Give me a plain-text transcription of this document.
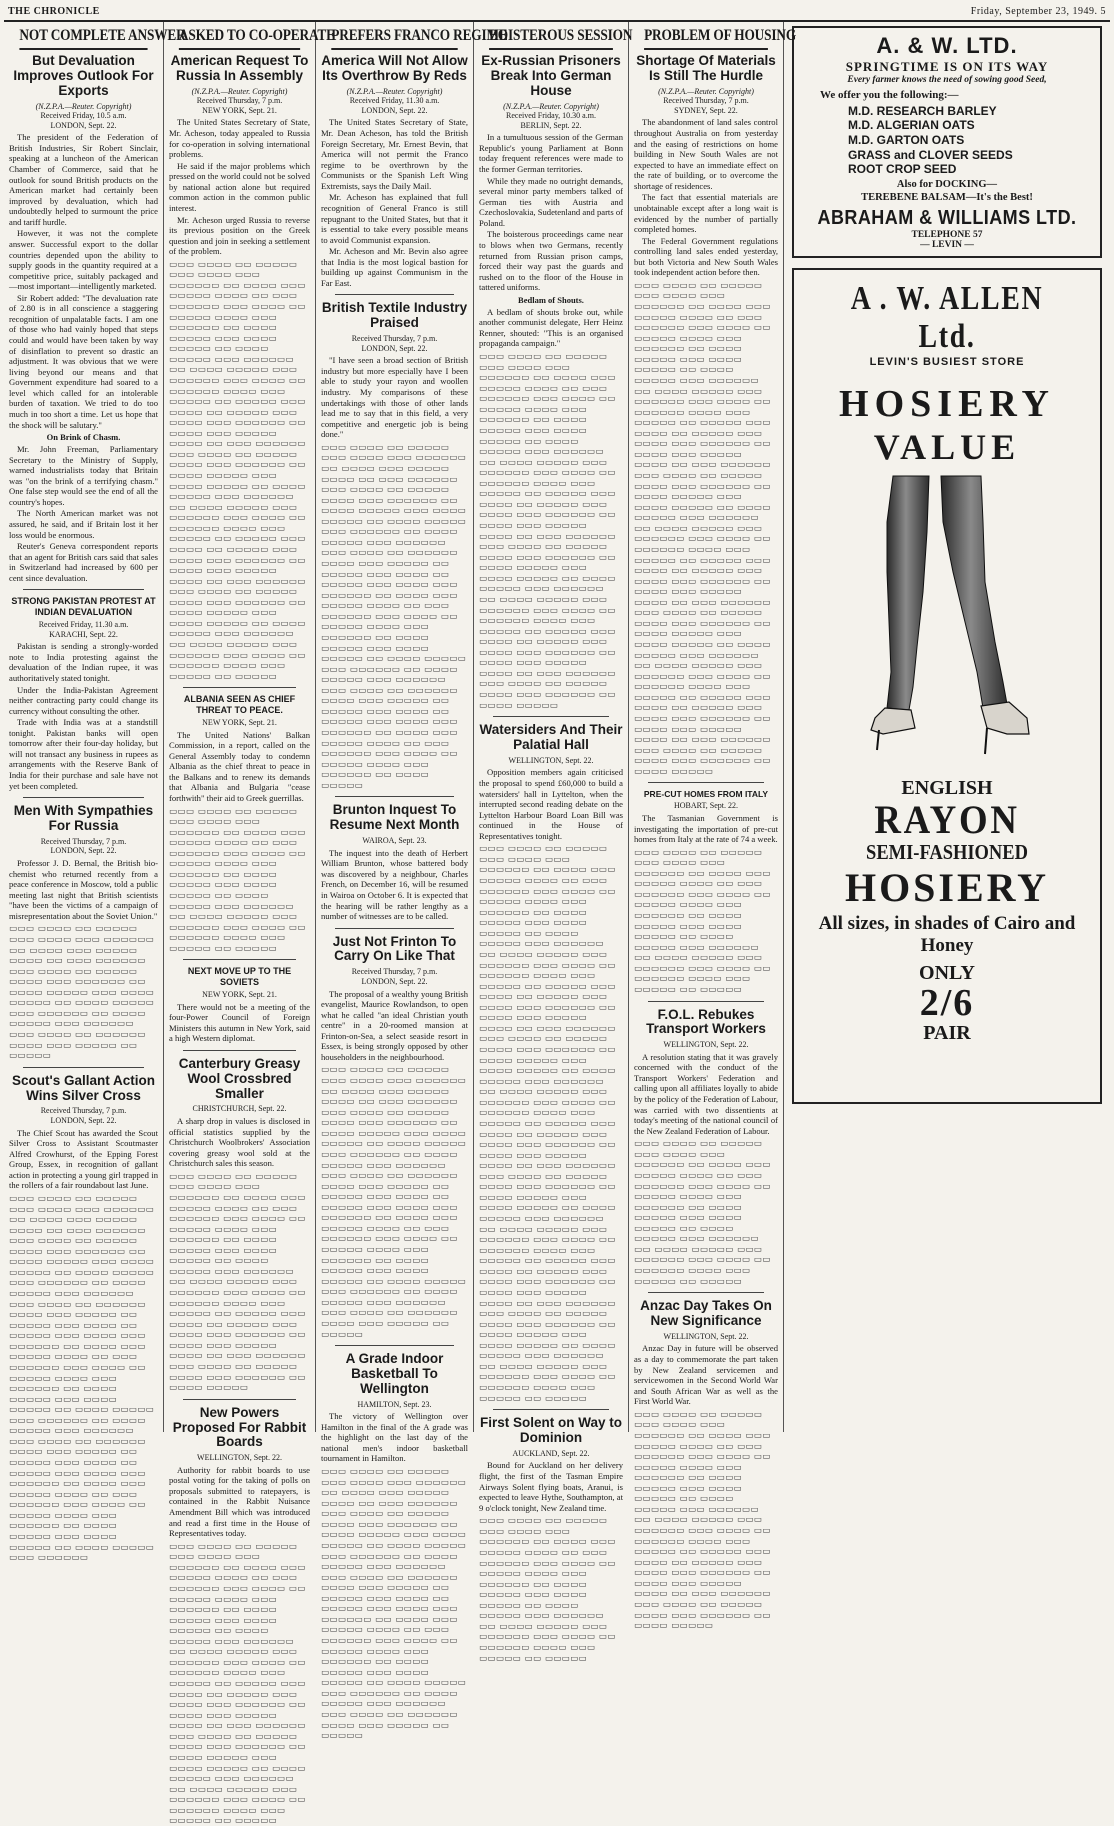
THE CHRONICLE	Friday, September 23, 1949. 5
NOT COMPLETE ANSWER
But Devaluation Improves Outlook For Exports
(N.Z.P.A.—Reuter. Copyright)
Received Friday, 10.5 a.m.
LONDON, Sept. 22.

The president of the Federation of British Industries, Sir Robert Sinclair, speaking at a luncheon of the American Chamber of Commerce, said that he outlook for sound British products on the American market had certainly been improved by devaluation, which had undoubtedly helped to surmount the price and tariff hurdle.

However, it was not the complete answer. Successful export to the dollar countries depended upon the ability to supply goods in the quantity required at a competitive price, suitably packaged and—most important—intelligently marketed.

Sir Robert added: "The devaluation rate of 2.80 is in all conscience a staggering recognition of unpalatable facts. I am one of those who had vainly hoped that steps could and would have been taken by way of disinflation to prevent so drastic an adjustment. It was obvious that we were living beyond our means and that Government expenditure had soared to a level which called for an intolerable burden of taxation. We tried to do too much in too short a time. Let us hope that the shock will be salutary."

On Brink of Chasm.

Mr. John Freeman, Parliamentary Secretary to the Ministry of Supply, warned industrialists today that Britain was "on the brink of a terrifying chasm." One false step would see the end of all the country's hopes.

The North American market was not assured, he said, and if Britain lost it her loss would be enormous.

Reuter's Geneva correspondent reports that an agent for British cars said that sales in Switzerland had increased by 600 per cent since devaluation.

STRONG PAKISTAN PROTEST AT INDIAN DEVALUATION
Received Friday, 11.30 a.m.
KARACHI, Sept. 22.

Pakistan is sending a strongly-worded note to India protesting against the devaluation of the Indian rupee, it was authoritatively stated tonight.

Under the India-Pakistan Agreement neither contracting party could change its currency without consulting the other.

Trade with India was at a standstill tonight. Pakistan banks will open tomorrow after their four-day holiday, but will not transact any business in rupees as arrangements with the Reserve Bank of India for their purchase and sale have not yet been completed.

Men With Sympathies For Russia
Received Thursday, 7 p.m.
LONDON, Sept. 22.

Professor J. D. Bernal, the British bio-chemist who returned recently from a peace conference in Moscow, told a public meeting last night that British scientists "have been the victims of a campaign of misrepresentation about the Soviet Union."

▭▭▭ ▭▭▭▭ ▭▭ ▭▭▭▭▭ ▭▭▭ ▭▭▭▭ ▭▭▭ ▭▭▭▭▭▭ ▭▭ ▭▭▭▭ ▭▭▭ ▭▭▭▭▭ ▭▭▭▭ ▭▭ ▭▭▭ ▭▭▭▭▭▭ ▭▭▭ ▭▭▭▭ ▭▭ ▭▭▭▭▭ ▭▭▭▭ ▭▭▭ ▭▭▭▭▭▭ ▭▭ ▭▭▭▭ ▭▭▭▭▭ ▭▭▭ ▭▭▭▭ ▭▭▭▭▭ ▭▭ ▭▭▭▭ ▭▭▭▭▭ ▭▭▭ ▭▭▭▭▭▭ ▭▭ ▭▭▭▭ ▭▭▭▭▭ ▭▭▭ ▭▭▭▭▭▭ ▭▭▭ ▭▭▭▭ ▭▭ ▭▭▭▭▭▭ ▭▭▭▭ ▭▭▭ ▭▭▭▭▭ ▭▭ ▭▭▭▭▭
Scout's Gallant Action Wins Silver Cross
Received Thursday, 7 p.m.
LONDON, Sept. 22.

The Chief Scout has awarded the Scout Silver Cross to Assistant Scoutmaster Alfred Crowhurst, of the Epping Forest Group, Essex, in recognition of gallant action in protecting a young girl trapped in the rollers of a fair roundabout last June.

▭▭▭ ▭▭▭▭ ▭▭ ▭▭▭▭▭ ▭▭▭ ▭▭▭▭ ▭▭▭ ▭▭▭▭▭▭ ▭▭ ▭▭▭▭ ▭▭▭ ▭▭▭▭▭ ▭▭▭▭ ▭▭ ▭▭▭ ▭▭▭▭▭▭ ▭▭▭ ▭▭▭▭ ▭▭ ▭▭▭▭▭ ▭▭▭▭ ▭▭▭ ▭▭▭▭▭▭ ▭▭ ▭▭▭▭ ▭▭▭▭▭ ▭▭▭ ▭▭▭▭ ▭▭▭▭▭ ▭▭ ▭▭▭▭ ▭▭▭▭▭ ▭▭▭ ▭▭▭▭▭▭ ▭▭ ▭▭▭▭ ▭▭▭▭▭ ▭▭▭ ▭▭▭▭▭▭ ▭▭▭ ▭▭▭▭ ▭▭ ▭▭▭▭▭▭ ▭▭▭▭ ▭▭▭ ▭▭▭▭▭ ▭▭ ▭▭▭▭▭ ▭▭▭ ▭▭▭▭ ▭▭ ▭▭▭▭▭ ▭▭▭ ▭▭▭▭ ▭▭▭ ▭▭▭▭▭▭ ▭▭ ▭▭▭▭ ▭▭▭ ▭▭▭▭▭ ▭▭▭▭ ▭▭ ▭▭▭ ▭▭▭▭▭▭ ▭▭▭ ▭▭▭▭ ▭▭ ▭▭▭▭▭ ▭▭▭▭ ▭▭▭ ▭▭▭▭▭▭ ▭▭ ▭▭▭▭ ▭▭▭▭▭ ▭▭▭ ▭▭▭▭ ▭▭▭▭▭ ▭▭ ▭▭▭▭ ▭▭▭▭▭ ▭▭▭ ▭▭▭▭▭▭ ▭▭ ▭▭▭▭ ▭▭▭▭▭ ▭▭▭ ▭▭▭▭▭▭ ▭▭▭ ▭▭▭▭ ▭▭ ▭▭▭▭▭▭ ▭▭▭▭ ▭▭▭ ▭▭▭▭▭ ▭▭ ▭▭▭▭▭ ▭▭▭ ▭▭▭▭ ▭▭ ▭▭▭▭▭ ▭▭▭ ▭▭▭▭ ▭▭▭ ▭▭▭▭▭▭ ▭▭ ▭▭▭▭ ▭▭▭ ▭▭▭▭▭ ▭▭▭▭ ▭▭ ▭▭▭ ▭▭▭▭▭▭ ▭▭▭ ▭▭▭▭ ▭▭ ▭▭▭▭▭ ▭▭▭▭ ▭▭▭ ▭▭▭▭▭▭ ▭▭ ▭▭▭▭ ▭▭▭▭▭ ▭▭▭ ▭▭▭▭ ▭▭▭▭▭ ▭▭ ▭▭▭▭ ▭▭▭▭▭ ▭▭▭ ▭▭▭▭▭▭
ASKED TO CO-OPERATE
American Request To Russia In Assembly
(N.Z.P.A.—Reuter. Copyright)
Received Thursday, 7 p.m.
NEW YORK, Sept. 21.

The United States Secretary of State, Mr. Acheson, today appealed to Russia for co-operation in solving international problems.

He said if the major problems which pressed on the world could not be solved by national action alone but required common action in the common public interest.

Mr. Acheson urged Russia to reverse its previous position on the Greek question and join in seeking a settlement of the problem.

▭▭▭ ▭▭▭▭ ▭▭ ▭▭▭▭▭ ▭▭▭ ▭▭▭▭ ▭▭▭ ▭▭▭▭▭▭ ▭▭ ▭▭▭▭ ▭▭▭ ▭▭▭▭▭ ▭▭▭▭ ▭▭ ▭▭▭ ▭▭▭▭▭▭ ▭▭▭ ▭▭▭▭ ▭▭ ▭▭▭▭▭ ▭▭▭▭ ▭▭▭ ▭▭▭▭▭▭ ▭▭ ▭▭▭▭ ▭▭▭▭▭ ▭▭▭ ▭▭▭▭ ▭▭▭▭▭ ▭▭ ▭▭▭▭ ▭▭▭▭▭ ▭▭▭ ▭▭▭▭▭▭ ▭▭ ▭▭▭▭ ▭▭▭▭▭ ▭▭▭ ▭▭▭▭▭▭ ▭▭▭ ▭▭▭▭ ▭▭ ▭▭▭▭▭▭ ▭▭▭▭ ▭▭▭ ▭▭▭▭▭ ▭▭ ▭▭▭▭▭ ▭▭▭ ▭▭▭▭ ▭▭ ▭▭▭▭▭ ▭▭▭ ▭▭▭▭ ▭▭▭ ▭▭▭▭▭▭ ▭▭ ▭▭▭▭ ▭▭▭ ▭▭▭▭▭ ▭▭▭▭ ▭▭ ▭▭▭ ▭▭▭▭▭▭ ▭▭▭ ▭▭▭▭ ▭▭ ▭▭▭▭▭ ▭▭▭▭ ▭▭▭ ▭▭▭▭▭▭ ▭▭ ▭▭▭▭ ▭▭▭▭▭ ▭▭▭ ▭▭▭▭ ▭▭▭▭▭ ▭▭ ▭▭▭▭ ▭▭▭▭▭ ▭▭▭ ▭▭▭▭▭▭ ▭▭ ▭▭▭▭ ▭▭▭▭▭ ▭▭▭ ▭▭▭▭▭▭ ▭▭▭ ▭▭▭▭ ▭▭ ▭▭▭▭▭▭ ▭▭▭▭ ▭▭▭ ▭▭▭▭▭ ▭▭ ▭▭▭▭▭ ▭▭▭ ▭▭▭▭ ▭▭ ▭▭▭▭▭ ▭▭▭ ▭▭▭▭ ▭▭▭ ▭▭▭▭▭▭ ▭▭ ▭▭▭▭ ▭▭▭ ▭▭▭▭▭ ▭▭▭▭ ▭▭ ▭▭▭ ▭▭▭▭▭▭ ▭▭▭ ▭▭▭▭ ▭▭ ▭▭▭▭▭ ▭▭▭▭ ▭▭▭ ▭▭▭▭▭▭ ▭▭ ▭▭▭▭ ▭▭▭▭▭ ▭▭▭ ▭▭▭▭ ▭▭▭▭▭ ▭▭ ▭▭▭▭ ▭▭▭▭▭ ▭▭▭ ▭▭▭▭▭▭ ▭▭ ▭▭▭▭ ▭▭▭▭▭ ▭▭▭ ▭▭▭▭▭▭ ▭▭▭ ▭▭▭▭ ▭▭ ▭▭▭▭▭▭ ▭▭▭▭ ▭▭▭ ▭▭▭▭▭ ▭▭ ▭▭▭▭▭
ALBANIA SEEN AS CHIEF THREAT TO PEACE.
NEW YORK, Sept. 21.

The United Nations' Balkan Commission, in a report, called on the General Assembly today to condemn Albania as the chief threat to peace in the Balkans and to renew its demands that Albania and Bulgaria "cease forthwith" their aid to Greek guerrillas.

▭▭▭ ▭▭▭▭ ▭▭ ▭▭▭▭▭ ▭▭▭ ▭▭▭▭ ▭▭▭ ▭▭▭▭▭▭ ▭▭ ▭▭▭▭ ▭▭▭ ▭▭▭▭▭ ▭▭▭▭ ▭▭ ▭▭▭ ▭▭▭▭▭▭ ▭▭▭ ▭▭▭▭ ▭▭ ▭▭▭▭▭ ▭▭▭▭ ▭▭▭ ▭▭▭▭▭▭ ▭▭ ▭▭▭▭ ▭▭▭▭▭ ▭▭▭ ▭▭▭▭ ▭▭▭▭▭ ▭▭ ▭▭▭▭ ▭▭▭▭▭ ▭▭▭ ▭▭▭▭▭▭ ▭▭ ▭▭▭▭ ▭▭▭▭▭ ▭▭▭ ▭▭▭▭▭▭ ▭▭▭ ▭▭▭▭ ▭▭ ▭▭▭▭▭▭ ▭▭▭▭ ▭▭▭ ▭▭▭▭▭ ▭▭ ▭▭▭▭▭
NEXT MOVE UP TO THE SOVIETS
NEW YORK, Sept. 21.

There would not be a meeting of the four-Power Council of Foreign Ministers this autumn in New York, said a high Western diplomat.

Canterbury Greasy Wool Crossbred Smaller
CHRISTCHURCH, Sept. 22.

A sharp drop in values is disclosed in official statistics supplied by the Christchurch Woolbrokers' Association covering greasy wool sold at the Christchurch sales this season.

▭▭▭ ▭▭▭▭ ▭▭ ▭▭▭▭▭ ▭▭▭ ▭▭▭▭ ▭▭▭ ▭▭▭▭▭▭ ▭▭ ▭▭▭▭ ▭▭▭ ▭▭▭▭▭ ▭▭▭▭ ▭▭ ▭▭▭ ▭▭▭▭▭▭ ▭▭▭ ▭▭▭▭ ▭▭ ▭▭▭▭▭ ▭▭▭▭ ▭▭▭ ▭▭▭▭▭▭ ▭▭ ▭▭▭▭ ▭▭▭▭▭ ▭▭▭ ▭▭▭▭ ▭▭▭▭▭ ▭▭ ▭▭▭▭ ▭▭▭▭▭ ▭▭▭ ▭▭▭▭▭▭ ▭▭ ▭▭▭▭ ▭▭▭▭▭ ▭▭▭ ▭▭▭▭▭▭ ▭▭▭ ▭▭▭▭ ▭▭ ▭▭▭▭▭▭ ▭▭▭▭ ▭▭▭ ▭▭▭▭▭ ▭▭ ▭▭▭▭▭ ▭▭▭ ▭▭▭▭ ▭▭ ▭▭▭▭▭ ▭▭▭ ▭▭▭▭ ▭▭▭ ▭▭▭▭▭▭ ▭▭ ▭▭▭▭ ▭▭▭ ▭▭▭▭▭ ▭▭▭▭ ▭▭ ▭▭▭ ▭▭▭▭▭▭ ▭▭▭ ▭▭▭▭ ▭▭ ▭▭▭▭▭ ▭▭▭▭ ▭▭▭ ▭▭▭▭▭▭ ▭▭ ▭▭▭▭ ▭▭▭▭▭
New Powers Proposed For Rabbit Boards
WELLINGTON, Sept. 22.

Authority for rabbit boards to use postal voting for the taking of polls on proposals submitted to ratepayers, is contained in the Rabbit Nuisance Amendment Bill which was introduced and read a first time in the House of Representatives today.

▭▭▭ ▭▭▭▭ ▭▭ ▭▭▭▭▭ ▭▭▭ ▭▭▭▭ ▭▭▭ ▭▭▭▭▭▭ ▭▭ ▭▭▭▭ ▭▭▭ ▭▭▭▭▭ ▭▭▭▭ ▭▭ ▭▭▭ ▭▭▭▭▭▭ ▭▭▭ ▭▭▭▭ ▭▭ ▭▭▭▭▭ ▭▭▭▭ ▭▭▭ ▭▭▭▭▭▭ ▭▭ ▭▭▭▭ ▭▭▭▭▭ ▭▭▭ ▭▭▭▭ ▭▭▭▭▭ ▭▭ ▭▭▭▭ ▭▭▭▭▭ ▭▭▭ ▭▭▭▭▭▭ ▭▭ ▭▭▭▭ ▭▭▭▭▭ ▭▭▭ ▭▭▭▭▭▭ ▭▭▭ ▭▭▭▭ ▭▭ ▭▭▭▭▭▭ ▭▭▭▭ ▭▭▭ ▭▭▭▭▭ ▭▭ ▭▭▭▭▭ ▭▭▭ ▭▭▭▭ ▭▭ ▭▭▭▭▭ ▭▭▭ ▭▭▭▭ ▭▭▭ ▭▭▭▭▭▭ ▭▭ ▭▭▭▭ ▭▭▭ ▭▭▭▭▭ ▭▭▭▭ ▭▭ ▭▭▭ ▭▭▭▭▭▭ ▭▭▭ ▭▭▭▭ ▭▭ ▭▭▭▭▭ ▭▭▭▭ ▭▭▭ ▭▭▭▭▭▭ ▭▭ ▭▭▭▭ ▭▭▭▭▭ ▭▭▭ ▭▭▭▭ ▭▭▭▭▭ ▭▭ ▭▭▭▭ ▭▭▭▭▭ ▭▭▭ ▭▭▭▭▭▭ ▭▭ ▭▭▭▭ ▭▭▭▭▭ ▭▭▭ ▭▭▭▭▭▭ ▭▭▭ ▭▭▭▭ ▭▭ ▭▭▭▭▭▭ ▭▭▭▭ ▭▭▭ ▭▭▭▭▭ ▭▭ ▭▭▭▭▭
PREFERS FRANCO REGIME
America Will Not Allow Its Overthrow By Reds
(N.Z.P.A.—Reuter. Copyright)
Received Friday, 11.30 a.m.
LONDON, Sept. 22.

The United States Secretary of State, Mr. Dean Acheson, has told the British Foreign Secretary, Mr. Ernest Bevin, that America will not permit the Franco regime to be overthrown by the Communists or the Spanish Left Wing Extremists, says the Daily Mail.

Mr. Acheson has explained that full recognition of General Franco is still repugnant to the United States, but that it is essential to take every possible means to avoid Communist expansion.

Mr. Acheson and Mr. Bevin also agree that India is the most logical bastion for building up against Communism in the Far East.

British Textile Industry Praised
Received Thursday, 7 p.m.
LONDON, Sept. 22.

"I have seen a broad section of British industry but more especially have I been able to study your rayon and woollen industry. My comparisons of these undertakings with those of other lands lead me to say that in this field, a very competitive and energetic job is being done."

▭▭▭ ▭▭▭▭ ▭▭ ▭▭▭▭▭ ▭▭▭ ▭▭▭▭ ▭▭▭ ▭▭▭▭▭▭ ▭▭ ▭▭▭▭ ▭▭▭ ▭▭▭▭▭ ▭▭▭▭ ▭▭ ▭▭▭ ▭▭▭▭▭▭ ▭▭▭ ▭▭▭▭ ▭▭ ▭▭▭▭▭ ▭▭▭▭ ▭▭▭ ▭▭▭▭▭▭ ▭▭ ▭▭▭▭ ▭▭▭▭▭ ▭▭▭ ▭▭▭▭ ▭▭▭▭▭ ▭▭ ▭▭▭▭ ▭▭▭▭▭ ▭▭▭ ▭▭▭▭▭▭ ▭▭ ▭▭▭▭ ▭▭▭▭▭ ▭▭▭ ▭▭▭▭▭▭ ▭▭▭ ▭▭▭▭ ▭▭ ▭▭▭▭▭▭ ▭▭▭▭ ▭▭▭ ▭▭▭▭▭ ▭▭ ▭▭▭▭▭ ▭▭▭ ▭▭▭▭ ▭▭ ▭▭▭▭▭ ▭▭▭ ▭▭▭▭ ▭▭▭ ▭▭▭▭▭▭ ▭▭ ▭▭▭▭ ▭▭▭ ▭▭▭▭▭ ▭▭▭▭ ▭▭ ▭▭▭ ▭▭▭▭▭▭ ▭▭▭ ▭▭▭▭ ▭▭ ▭▭▭▭▭ ▭▭▭▭ ▭▭▭ ▭▭▭▭▭▭ ▭▭ ▭▭▭▭ ▭▭▭▭▭ ▭▭▭ ▭▭▭▭ ▭▭▭▭▭ ▭▭ ▭▭▭▭ ▭▭▭▭▭ ▭▭▭ ▭▭▭▭▭▭ ▭▭ ▭▭▭▭ ▭▭▭▭▭ ▭▭▭ ▭▭▭▭▭▭ ▭▭▭ ▭▭▭▭ ▭▭ ▭▭▭▭▭▭ ▭▭▭▭ ▭▭▭ ▭▭▭▭▭ ▭▭ ▭▭▭▭▭ ▭▭▭ ▭▭▭▭ ▭▭ ▭▭▭▭▭ ▭▭▭ ▭▭▭▭ ▭▭▭ ▭▭▭▭▭▭ ▭▭ ▭▭▭▭ ▭▭▭ ▭▭▭▭▭ ▭▭▭▭ ▭▭ ▭▭▭ ▭▭▭▭▭▭ ▭▭▭ ▭▭▭▭ ▭▭ ▭▭▭▭▭ ▭▭▭▭ ▭▭▭ ▭▭▭▭▭▭ ▭▭ ▭▭▭▭ ▭▭▭▭▭
Brunton Inquest To Resume Next Month
WAIROA, Sept. 23.

The inquest into the death of Herbert William Brunton, whose battered body was discovered by a neighbour, Charles French, on December 16, will be resumed in Wairoa on October 6. It is expected that the hearing will be rather lengthy as a number of witnesses are to be called.

Just Not Frinton To Carry On Like That
Received Thursday, 7 p.m.
LONDON, Sept. 22.

The proposal of a wealthy young British evangelist, Maurice Rowlandson, to open what he called "an ideal Christian youth centre" in a 20-roomed mansion at Frinton-on-Sea, a select seaside resort in Essex, is being strongly opposed by other householders in the neighbourhood.

▭▭▭ ▭▭▭▭ ▭▭ ▭▭▭▭▭ ▭▭▭ ▭▭▭▭ ▭▭▭ ▭▭▭▭▭▭ ▭▭ ▭▭▭▭ ▭▭▭ ▭▭▭▭▭ ▭▭▭▭ ▭▭ ▭▭▭ ▭▭▭▭▭▭ ▭▭▭ ▭▭▭▭ ▭▭ ▭▭▭▭▭ ▭▭▭▭ ▭▭▭ ▭▭▭▭▭▭ ▭▭ ▭▭▭▭ ▭▭▭▭▭ ▭▭▭ ▭▭▭▭ ▭▭▭▭▭ ▭▭ ▭▭▭▭ ▭▭▭▭▭ ▭▭▭ ▭▭▭▭▭▭ ▭▭ ▭▭▭▭ ▭▭▭▭▭ ▭▭▭ ▭▭▭▭▭▭ ▭▭▭ ▭▭▭▭ ▭▭ ▭▭▭▭▭▭ ▭▭▭▭ ▭▭▭ ▭▭▭▭▭ ▭▭ ▭▭▭▭▭ ▭▭▭ ▭▭▭▭ ▭▭ ▭▭▭▭▭ ▭▭▭ ▭▭▭▭ ▭▭▭ ▭▭▭▭▭▭ ▭▭ ▭▭▭▭ ▭▭▭ ▭▭▭▭▭ ▭▭▭▭ ▭▭ ▭▭▭ ▭▭▭▭▭▭ ▭▭▭ ▭▭▭▭ ▭▭ ▭▭▭▭▭ ▭▭▭▭ ▭▭▭ ▭▭▭▭▭▭ ▭▭ ▭▭▭▭ ▭▭▭▭▭ ▭▭▭ ▭▭▭▭ ▭▭▭▭▭ ▭▭ ▭▭▭▭ ▭▭▭▭▭ ▭▭▭ ▭▭▭▭▭▭ ▭▭ ▭▭▭▭ ▭▭▭▭▭ ▭▭▭ ▭▭▭▭▭▭ ▭▭▭ ▭▭▭▭ ▭▭ ▭▭▭▭▭▭ ▭▭▭▭ ▭▭▭ ▭▭▭▭▭ ▭▭ ▭▭▭▭▭
A Grade Indoor Basketball To Wellington
HAMILTON, Sept. 23.

The victory of Wellington over Hamilton in the final of the A grade was the highlight on the last day of the national men's indoor basketball tournament in Hamilton.

▭▭▭ ▭▭▭▭ ▭▭ ▭▭▭▭▭ ▭▭▭ ▭▭▭▭ ▭▭▭ ▭▭▭▭▭▭ ▭▭ ▭▭▭▭ ▭▭▭ ▭▭▭▭▭ ▭▭▭▭ ▭▭ ▭▭▭ ▭▭▭▭▭▭ ▭▭▭ ▭▭▭▭ ▭▭ ▭▭▭▭▭ ▭▭▭▭ ▭▭▭ ▭▭▭▭▭▭ ▭▭ ▭▭▭▭ ▭▭▭▭▭ ▭▭▭ ▭▭▭▭ ▭▭▭▭▭ ▭▭ ▭▭▭▭ ▭▭▭▭▭ ▭▭▭ ▭▭▭▭▭▭ ▭▭ ▭▭▭▭ ▭▭▭▭▭ ▭▭▭ ▭▭▭▭▭▭ ▭▭▭ ▭▭▭▭ ▭▭ ▭▭▭▭▭▭ ▭▭▭▭ ▭▭▭ ▭▭▭▭▭ ▭▭ ▭▭▭▭▭ ▭▭▭ ▭▭▭▭ ▭▭ ▭▭▭▭▭ ▭▭▭ ▭▭▭▭ ▭▭▭ ▭▭▭▭▭▭ ▭▭ ▭▭▭▭ ▭▭▭ ▭▭▭▭▭ ▭▭▭▭ ▭▭ ▭▭▭ ▭▭▭▭▭▭ ▭▭▭ ▭▭▭▭ ▭▭ ▭▭▭▭▭ ▭▭▭▭ ▭▭▭ ▭▭▭▭▭▭ ▭▭ ▭▭▭▭ ▭▭▭▭▭ ▭▭▭ ▭▭▭▭ ▭▭▭▭▭ ▭▭ ▭▭▭▭ ▭▭▭▭▭ ▭▭▭ ▭▭▭▭▭▭ ▭▭ ▭▭▭▭ ▭▭▭▭▭ ▭▭▭ ▭▭▭▭▭▭ ▭▭▭ ▭▭▭▭ ▭▭ ▭▭▭▭▭▭ ▭▭▭▭ ▭▭▭ ▭▭▭▭▭ ▭▭ ▭▭▭▭▭
BOISTEROUS SESSION
Ex-Russian Prisoners Break Into German House
(N.Z.P.A.—Reuter. Copyright)
Received Friday, 10.30 a.m.
BERLIN, Sept. 22.

In a tumultuous session of the German Republic's young Parliament at Bonn today frequent references were made to the former German territories.

While they made no outright demands, several minor party members talked of German ties with Austria and Czechoslovakia, Sudetenland and parts of Poland.

The boisterous proceedings came near to blows when two Germans, recently returned from Russian prison camps, forced their way past the guards and rushed on to the floor of the House in tattered uniforms.

Bedlam of Shouts.

A bedlam of shouts broke out, while another communist delegate, Herr Heinz Renner, shouted: "This is an organised propaganda campaign."

▭▭▭ ▭▭▭▭ ▭▭ ▭▭▭▭▭ ▭▭▭ ▭▭▭▭ ▭▭▭ ▭▭▭▭▭▭ ▭▭ ▭▭▭▭ ▭▭▭ ▭▭▭▭▭ ▭▭▭▭ ▭▭ ▭▭▭ ▭▭▭▭▭▭ ▭▭▭ ▭▭▭▭ ▭▭ ▭▭▭▭▭ ▭▭▭▭ ▭▭▭ ▭▭▭▭▭▭ ▭▭ ▭▭▭▭ ▭▭▭▭▭ ▭▭▭ ▭▭▭▭ ▭▭▭▭▭ ▭▭ ▭▭▭▭ ▭▭▭▭▭ ▭▭▭ ▭▭▭▭▭▭ ▭▭ ▭▭▭▭ ▭▭▭▭▭ ▭▭▭ ▭▭▭▭▭▭ ▭▭▭ ▭▭▭▭ ▭▭ ▭▭▭▭▭▭ ▭▭▭▭ ▭▭▭ ▭▭▭▭▭ ▭▭ ▭▭▭▭▭ ▭▭▭ ▭▭▭▭ ▭▭ ▭▭▭▭▭ ▭▭▭ ▭▭▭▭ ▭▭▭ ▭▭▭▭▭▭ ▭▭ ▭▭▭▭ ▭▭▭ ▭▭▭▭▭ ▭▭▭▭ ▭▭ ▭▭▭ ▭▭▭▭▭▭ ▭▭▭ ▭▭▭▭ ▭▭ ▭▭▭▭▭ ▭▭▭▭ ▭▭▭ ▭▭▭▭▭▭ ▭▭ ▭▭▭▭ ▭▭▭▭▭ ▭▭▭ ▭▭▭▭ ▭▭▭▭▭ ▭▭ ▭▭▭▭ ▭▭▭▭▭ ▭▭▭ ▭▭▭▭▭▭ ▭▭ ▭▭▭▭ ▭▭▭▭▭ ▭▭▭ ▭▭▭▭▭▭ ▭▭▭ ▭▭▭▭ ▭▭ ▭▭▭▭▭▭ ▭▭▭▭ ▭▭▭ ▭▭▭▭▭ ▭▭ ▭▭▭▭▭ ▭▭▭ ▭▭▭▭ ▭▭ ▭▭▭▭▭ ▭▭▭ ▭▭▭▭ ▭▭▭ ▭▭▭▭▭▭ ▭▭ ▭▭▭▭ ▭▭▭ ▭▭▭▭▭ ▭▭▭▭ ▭▭ ▭▭▭ ▭▭▭▭▭▭ ▭▭▭ ▭▭▭▭ ▭▭ ▭▭▭▭▭ ▭▭▭▭ ▭▭▭ ▭▭▭▭▭▭ ▭▭ ▭▭▭▭ ▭▭▭▭▭
Watersiders And Their Palatial Hall
WELLINGTON, Sept. 22.

Opposition members again criticised the proposal to spend £60,000 to build a watersiders' hall in Lyttelton, when the interrupted second reading debate on the Lyttelton Harbour Board Loan Bill was continued in the House of Representatives tonight.

▭▭▭ ▭▭▭▭ ▭▭ ▭▭▭▭▭ ▭▭▭ ▭▭▭▭ ▭▭▭ ▭▭▭▭▭▭ ▭▭ ▭▭▭▭ ▭▭▭ ▭▭▭▭▭ ▭▭▭▭ ▭▭ ▭▭▭ ▭▭▭▭▭▭ ▭▭▭ ▭▭▭▭ ▭▭ ▭▭▭▭▭ ▭▭▭▭ ▭▭▭ ▭▭▭▭▭▭ ▭▭ ▭▭▭▭ ▭▭▭▭▭ ▭▭▭ ▭▭▭▭ ▭▭▭▭▭ ▭▭ ▭▭▭▭ ▭▭▭▭▭ ▭▭▭ ▭▭▭▭▭▭ ▭▭ ▭▭▭▭ ▭▭▭▭▭ ▭▭▭ ▭▭▭▭▭▭ ▭▭▭ ▭▭▭▭ ▭▭ ▭▭▭▭▭▭ ▭▭▭▭ ▭▭▭ ▭▭▭▭▭ ▭▭ ▭▭▭▭▭ ▭▭▭ ▭▭▭▭ ▭▭ ▭▭▭▭▭ ▭▭▭ ▭▭▭▭ ▭▭▭ ▭▭▭▭▭▭ ▭▭ ▭▭▭▭ ▭▭▭ ▭▭▭▭▭ ▭▭▭▭ ▭▭ ▭▭▭ ▭▭▭▭▭▭ ▭▭▭ ▭▭▭▭ ▭▭ ▭▭▭▭▭ ▭▭▭▭ ▭▭▭ ▭▭▭▭▭▭ ▭▭ ▭▭▭▭ ▭▭▭▭▭ ▭▭▭ ▭▭▭▭ ▭▭▭▭▭ ▭▭ ▭▭▭▭ ▭▭▭▭▭ ▭▭▭ ▭▭▭▭▭▭ ▭▭ ▭▭▭▭ ▭▭▭▭▭ ▭▭▭ ▭▭▭▭▭▭ ▭▭▭ ▭▭▭▭ ▭▭ ▭▭▭▭▭▭ ▭▭▭▭ ▭▭▭ ▭▭▭▭▭ ▭▭ ▭▭▭▭▭ ▭▭▭ ▭▭▭▭ ▭▭ ▭▭▭▭▭ ▭▭▭ ▭▭▭▭ ▭▭▭ ▭▭▭▭▭▭ ▭▭ ▭▭▭▭ ▭▭▭ ▭▭▭▭▭ ▭▭▭▭ ▭▭ ▭▭▭ ▭▭▭▭▭▭ ▭▭▭ ▭▭▭▭ ▭▭ ▭▭▭▭▭ ▭▭▭▭ ▭▭▭ ▭▭▭▭▭▭ ▭▭ ▭▭▭▭ ▭▭▭▭▭ ▭▭▭ ▭▭▭▭ ▭▭▭▭▭ ▭▭ ▭▭▭▭ ▭▭▭▭▭ ▭▭▭ ▭▭▭▭▭▭ ▭▭ ▭▭▭▭ ▭▭▭▭▭ ▭▭▭ ▭▭▭▭▭▭ ▭▭▭ ▭▭▭▭ ▭▭ ▭▭▭▭▭▭ ▭▭▭▭ ▭▭▭ ▭▭▭▭▭ ▭▭ ▭▭▭▭▭ ▭▭▭ ▭▭▭▭ ▭▭ ▭▭▭▭▭ ▭▭▭ ▭▭▭▭ ▭▭▭ ▭▭▭▭▭▭ ▭▭ ▭▭▭▭ ▭▭▭ ▭▭▭▭▭ ▭▭▭▭ ▭▭ ▭▭▭ ▭▭▭▭▭▭ ▭▭▭ ▭▭▭▭ ▭▭ ▭▭▭▭▭ ▭▭▭▭ ▭▭▭ ▭▭▭▭▭▭ ▭▭ ▭▭▭▭ ▭▭▭▭▭ ▭▭▭ ▭▭▭▭ ▭▭▭▭▭ ▭▭ ▭▭▭▭ ▭▭▭▭▭ ▭▭▭ ▭▭▭▭▭▭ ▭▭ ▭▭▭▭ ▭▭▭▭▭ ▭▭▭ ▭▭▭▭▭▭ ▭▭▭ ▭▭▭▭ ▭▭ ▭▭▭▭▭▭ ▭▭▭▭ ▭▭▭ ▭▭▭▭▭ ▭▭ ▭▭▭▭▭
First Solent on Way to Dominion
AUCKLAND, Sept. 22.

Bound for Auckland on her delivery flight, the first of the Tasman Empire Airways Solent flying boats, Aranui, is expected to leave Hythe, Southampton, at 9 o'clock tonight, New Zealand time.

▭▭▭ ▭▭▭▭ ▭▭ ▭▭▭▭▭ ▭▭▭ ▭▭▭▭ ▭▭▭ ▭▭▭▭▭▭ ▭▭ ▭▭▭▭ ▭▭▭ ▭▭▭▭▭ ▭▭▭▭ ▭▭ ▭▭▭ ▭▭▭▭▭▭ ▭▭▭ ▭▭▭▭ ▭▭ ▭▭▭▭▭ ▭▭▭▭ ▭▭▭ ▭▭▭▭▭▭ ▭▭ ▭▭▭▭ ▭▭▭▭▭ ▭▭▭ ▭▭▭▭ ▭▭▭▭▭ ▭▭ ▭▭▭▭ ▭▭▭▭▭ ▭▭▭ ▭▭▭▭▭▭ ▭▭ ▭▭▭▭ ▭▭▭▭▭ ▭▭▭ ▭▭▭▭▭▭ ▭▭▭ ▭▭▭▭ ▭▭ ▭▭▭▭▭▭ ▭▭▭▭ ▭▭▭ ▭▭▭▭▭ ▭▭ ▭▭▭▭▭
PROBLEM OF HOUSING
Shortage Of Materials Is Still The Hurdle
(N.Z.P.A.—Reuter. Copyright)
Received Thursday, 7 p.m.
SYDNEY, Sept. 22.

The abandonment of land sales control throughout Australia on from yesterday and the easing of restrictions on home building in New South Wales are not expected to have an immediate effect on the rate of building, or to overcome the shortage of residences.

The fact that essential materials are unobtainable except after a long wait is evidenced by the number of partially completed homes.

The Federal Government regulations controlling land sales ended yesterday, but both Victoria and New South Wales took independent action before then.

▭▭▭ ▭▭▭▭ ▭▭ ▭▭▭▭▭ ▭▭▭ ▭▭▭▭ ▭▭▭ ▭▭▭▭▭▭ ▭▭ ▭▭▭▭ ▭▭▭ ▭▭▭▭▭ ▭▭▭▭ ▭▭ ▭▭▭ ▭▭▭▭▭▭ ▭▭▭ ▭▭▭▭ ▭▭ ▭▭▭▭▭ ▭▭▭▭ ▭▭▭ ▭▭▭▭▭▭ ▭▭ ▭▭▭▭ ▭▭▭▭▭ ▭▭▭ ▭▭▭▭ ▭▭▭▭▭ ▭▭ ▭▭▭▭ ▭▭▭▭▭ ▭▭▭ ▭▭▭▭▭▭ ▭▭ ▭▭▭▭ ▭▭▭▭▭ ▭▭▭ ▭▭▭▭▭▭ ▭▭▭ ▭▭▭▭ ▭▭ ▭▭▭▭▭▭ ▭▭▭▭ ▭▭▭ ▭▭▭▭▭ ▭▭ ▭▭▭▭▭ ▭▭▭ ▭▭▭▭ ▭▭ ▭▭▭▭▭ ▭▭▭ ▭▭▭▭ ▭▭▭ ▭▭▭▭▭▭ ▭▭ ▭▭▭▭ ▭▭▭ ▭▭▭▭▭ ▭▭▭▭ ▭▭ ▭▭▭ ▭▭▭▭▭▭ ▭▭▭ ▭▭▭▭ ▭▭ ▭▭▭▭▭ ▭▭▭▭ ▭▭▭ ▭▭▭▭▭▭ ▭▭ ▭▭▭▭ ▭▭▭▭▭ ▭▭▭ ▭▭▭▭ ▭▭▭▭▭ ▭▭ ▭▭▭▭ ▭▭▭▭▭ ▭▭▭ ▭▭▭▭▭▭ ▭▭ ▭▭▭▭ ▭▭▭▭▭ ▭▭▭ ▭▭▭▭▭▭ ▭▭▭ ▭▭▭▭ ▭▭ ▭▭▭▭▭▭ ▭▭▭▭ ▭▭▭ ▭▭▭▭▭ ▭▭ ▭▭▭▭▭ ▭▭▭ ▭▭▭▭ ▭▭ ▭▭▭▭▭ ▭▭▭ ▭▭▭▭ ▭▭▭ ▭▭▭▭▭▭ ▭▭ ▭▭▭▭ ▭▭▭ ▭▭▭▭▭ ▭▭▭▭ ▭▭ ▭▭▭ ▭▭▭▭▭▭ ▭▭▭ ▭▭▭▭ ▭▭ ▭▭▭▭▭ ▭▭▭▭ ▭▭▭ ▭▭▭▭▭▭ ▭▭ ▭▭▭▭ ▭▭▭▭▭ ▭▭▭ ▭▭▭▭ ▭▭▭▭▭ ▭▭ ▭▭▭▭ ▭▭▭▭▭ ▭▭▭ ▭▭▭▭▭▭ ▭▭ ▭▭▭▭ ▭▭▭▭▭ ▭▭▭ ▭▭▭▭▭▭ ▭▭▭ ▭▭▭▭ ▭▭ ▭▭▭▭▭▭ ▭▭▭▭ ▭▭▭ ▭▭▭▭▭ ▭▭ ▭▭▭▭▭ ▭▭▭ ▭▭▭▭ ▭▭ ▭▭▭▭▭ ▭▭▭ ▭▭▭▭ ▭▭▭ ▭▭▭▭▭▭ ▭▭ ▭▭▭▭ ▭▭▭ ▭▭▭▭▭ ▭▭▭▭ ▭▭ ▭▭▭ ▭▭▭▭▭▭ ▭▭▭ ▭▭▭▭ ▭▭ ▭▭▭▭▭ ▭▭▭▭ ▭▭▭ ▭▭▭▭▭▭ ▭▭ ▭▭▭▭ ▭▭▭▭▭
PRE-CUT HOMES FROM ITALY
HOBART, Sept. 22.

The Tasmanian Government is investigating the importation of pre-cut homes from Italy at the rate of 74 a week.

▭▭▭ ▭▭▭▭ ▭▭ ▭▭▭▭▭ ▭▭▭ ▭▭▭▭ ▭▭▭ ▭▭▭▭▭▭ ▭▭ ▭▭▭▭ ▭▭▭ ▭▭▭▭▭ ▭▭▭▭ ▭▭ ▭▭▭ ▭▭▭▭▭▭ ▭▭▭ ▭▭▭▭ ▭▭ ▭▭▭▭▭ ▭▭▭▭ ▭▭▭ ▭▭▭▭▭▭ ▭▭ ▭▭▭▭ ▭▭▭▭▭ ▭▭▭ ▭▭▭▭ ▭▭▭▭▭ ▭▭ ▭▭▭▭ ▭▭▭▭▭ ▭▭▭ ▭▭▭▭▭▭ ▭▭ ▭▭▭▭ ▭▭▭▭▭ ▭▭▭ ▭▭▭▭▭▭ ▭▭▭ ▭▭▭▭ ▭▭ ▭▭▭▭▭▭ ▭▭▭▭ ▭▭▭ ▭▭▭▭▭ ▭▭ ▭▭▭▭▭
F.O.L. Rebukes Transport Workers
WELLINGTON, Sept. 22.

A resolution stating that it was gravely concerned with the conduct of the Transport Workers' Federation and calling upon all affiliates loyally to abide by the policy of the Federation of Labour, was carried with two dissentients at today's meeting of the national council of the New Zealand Federation of Labour.

▭▭▭ ▭▭▭▭ ▭▭ ▭▭▭▭▭ ▭▭▭ ▭▭▭▭ ▭▭▭ ▭▭▭▭▭▭ ▭▭ ▭▭▭▭ ▭▭▭ ▭▭▭▭▭ ▭▭▭▭ ▭▭ ▭▭▭ ▭▭▭▭▭▭ ▭▭▭ ▭▭▭▭ ▭▭ ▭▭▭▭▭ ▭▭▭▭ ▭▭▭ ▭▭▭▭▭▭ ▭▭ ▭▭▭▭ ▭▭▭▭▭ ▭▭▭ ▭▭▭▭ ▭▭▭▭▭ ▭▭ ▭▭▭▭ ▭▭▭▭▭ ▭▭▭ ▭▭▭▭▭▭ ▭▭ ▭▭▭▭ ▭▭▭▭▭ ▭▭▭ ▭▭▭▭▭▭ ▭▭▭ ▭▭▭▭ ▭▭ ▭▭▭▭▭▭ ▭▭▭▭ ▭▭▭ ▭▭▭▭▭ ▭▭ ▭▭▭▭▭
Anzac Day Takes On New Significance
WELLINGTON, Sept. 22.

Anzac Day in future will be observed as a day to commemorate the part taken by New Zealand servicemen and servicewomen in the Second World War and South African War as well as the First World War.

▭▭▭ ▭▭▭▭ ▭▭ ▭▭▭▭▭ ▭▭▭ ▭▭▭▭ ▭▭▭ ▭▭▭▭▭▭ ▭▭ ▭▭▭▭ ▭▭▭ ▭▭▭▭▭ ▭▭▭▭ ▭▭ ▭▭▭ ▭▭▭▭▭▭ ▭▭▭ ▭▭▭▭ ▭▭ ▭▭▭▭▭ ▭▭▭▭ ▭▭▭ ▭▭▭▭▭▭ ▭▭ ▭▭▭▭ ▭▭▭▭▭ ▭▭▭ ▭▭▭▭ ▭▭▭▭▭ ▭▭ ▭▭▭▭ ▭▭▭▭▭ ▭▭▭ ▭▭▭▭▭▭ ▭▭ ▭▭▭▭ ▭▭▭▭▭ ▭▭▭ ▭▭▭▭▭▭ ▭▭▭ ▭▭▭▭ ▭▭ ▭▭▭▭▭▭ ▭▭▭▭ ▭▭▭ ▭▭▭▭▭ ▭▭ ▭▭▭▭▭ ▭▭▭ ▭▭▭▭ ▭▭ ▭▭▭▭▭ ▭▭▭ ▭▭▭▭ ▭▭▭ ▭▭▭▭▭▭ ▭▭ ▭▭▭▭ ▭▭▭ ▭▭▭▭▭ ▭▭▭▭ ▭▭ ▭▭▭ ▭▭▭▭▭▭ ▭▭▭ ▭▭▭▭ ▭▭ ▭▭▭▭▭ ▭▭▭▭ ▭▭▭ ▭▭▭▭▭▭ ▭▭ ▭▭▭▭ ▭▭▭▭▭
A. & W. LTD.
SPRINGTIME IS ON ITS WAY
Every farmer knows the need of sowing good Seed,
We offer you the following:—
M.D. RESEARCH BARLEY
M.D. ALGERIAN OATS
M.D. GARTON OATS
GRASS and CLOVER SEEDS
ROOT CROP SEED
Also for DOCKING—
TEREBENE BALSAM—It's the Best!
ABRAHAM & WILLIAMS LTD.
TELEPHONE 57
— LEVIN —
A . W. ALLEN Ltd.
LEVIN'S BUSIEST STORE
HOSIERY
VALUE
ENGLISH
RAYON
SEMI-FASHIONED
HOSIERY
All sizes, in shades of Cairo and Honey
ONLY
2/6
PAIR
